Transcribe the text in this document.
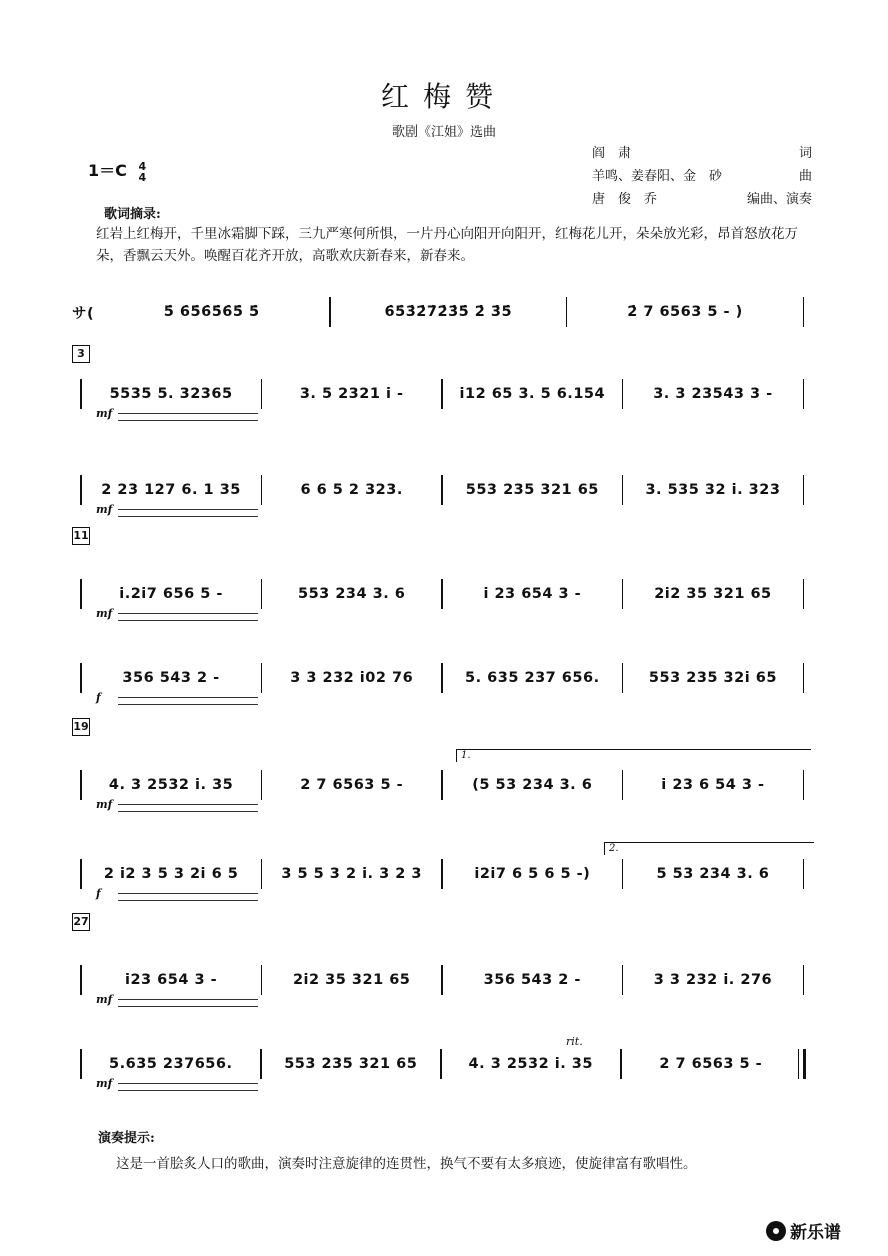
红梅赞
歌剧《江姐》选曲
阎　肃	词
羊鸣、姜春阳、金　砂	曲
唐　俊　乔	编曲、演奏
1＝C 4
4
歌词摘录:
红岩上红梅开，千里冰霜脚下踩，三九严寒何所惧，一片丹心向阳开向阳开，红梅花儿开，朵朵放光彩，昂首怒放花万朵，香飘云天外。唤醒百花齐开放，高歌欢庆新春来，新春来。
サ(	5̇ 6̇5̇6̇5̇6̇5̇ 5̇	6̇5̇3̇2̇7̇2̇3̇5̇ 2̇ 3̇5̇	2̇ 7 6563 5 - )
3
5535 5. 32365	3. 5 2321 i -	i12 65 3. 5 6.154	3. 3 23543 3 -
mf
2 23 127 6. 1 35	6 6 5 2 323.	553 235 321 65	3. 535 32 i. 323
mf
11
i.2i7 656 5 -	553 234 3. 6	i 23 654 3 -	2i2 35 321 65
mf
356 543 2 -	3 3 232 i02 76	5. 635 237 656.	553 235 32i 65
f
19
4. 3 2532 i. 35	2 7 6563 5 -	(5 53 234 3. 6	i 23 6 54 3 -
mf
2 i2 3 5 3 2i 6 5	3 5 5 3 2 i. 3 2 3	i2i7 6 5 6 5 -)	5 53 234 3. 6
f
27
i23 654 3 -	2i2 35 321 65	356 543 2 -	3 3 232 i. 276
mf
5.635 237656.	553 235 321 65	4. 3 2532 i. 35	2 7 6563 5 -
mf
1.
2.
rit.
演奏提示:
这是一首脍炙人口的歌曲，演奏时注意旋律的连贯性，换气不要有太多痕迹，使旋律富有歌唱性。
新乐谱
